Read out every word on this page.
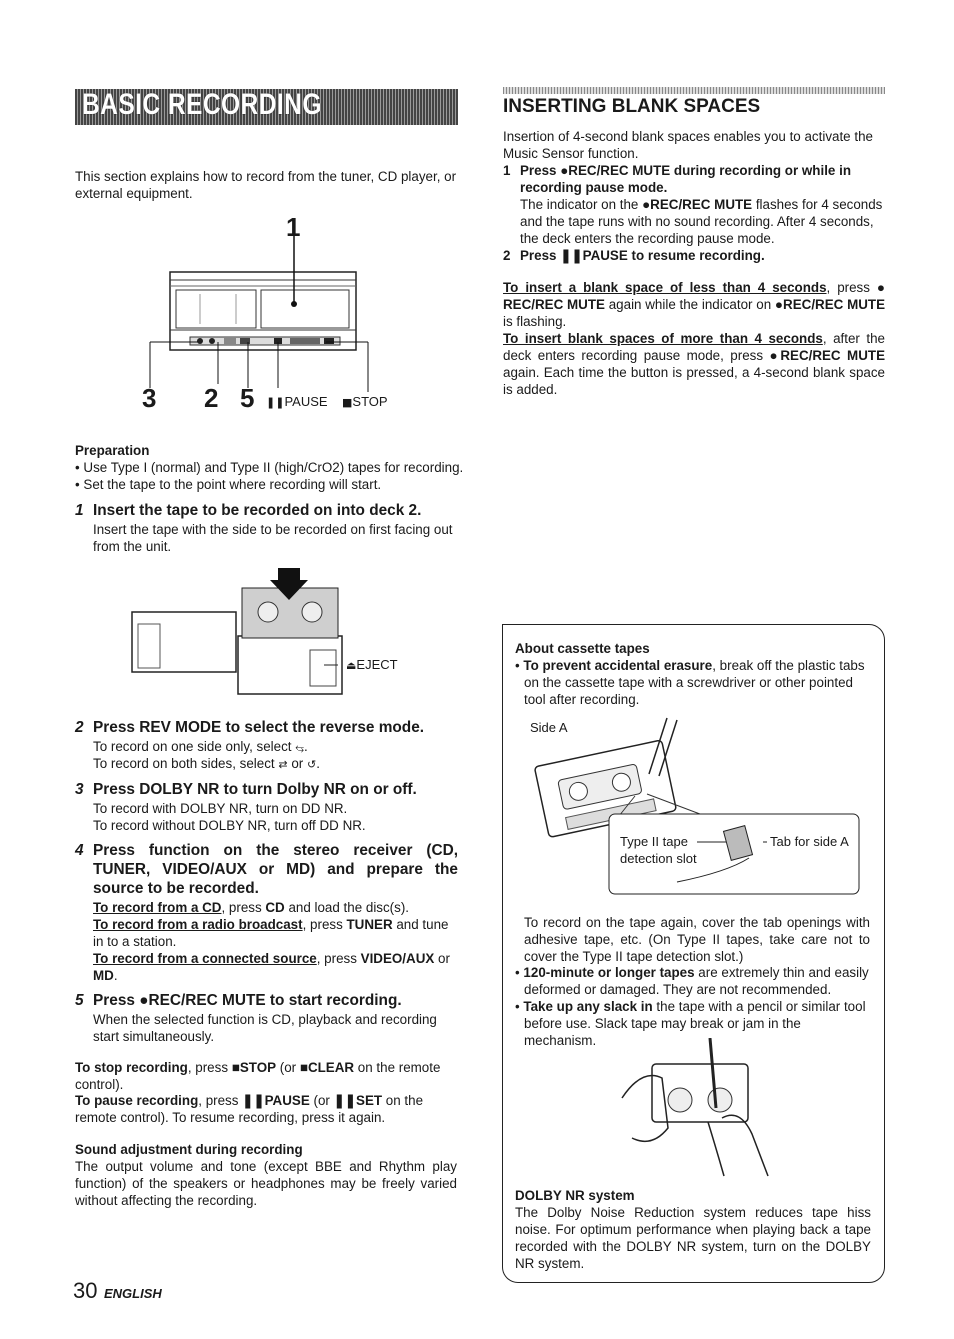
BASIC RECORDING

This section explains how to record from the tuner, CD player, or external equipment.

1
3 2 5 ❚❚PAUSE ■STOP

Preparation

• Use Type I (normal) and Type II (high/CrO2) tapes for recording.

• Set the tape to the point where recording will start.

1 Insert the tape to be recorded on into deck 2.

Insert the tape with the side to be recorded on first facing out from the unit.

⏏EJECT
2 Press REV MODE to select the reverse mode.

To record on one side only, select ⥃.

To record on both sides, select ⇄ or ↺.

3 Press DOLBY NR to turn Dolby NR on or off.

To record with DOLBY NR, turn on DD NR.

To record without DOLBY NR, turn off DD NR.

4 Press function on the stereo receiver (CD, TUNER, VIDEO/AUX or MD) and prepare the source to be recorded.

To record from a CD, press CD and load the disc(s).

To record from a radio broadcast, press TUNER and tune in to a station.

To record from a connected source, press VIDEO/AUX or MD.

5 Press ●REC/REC MUTE to start recording.

When the selected function is CD, playback and recording start simultaneously.

To stop recording, press ■STOP (or ■CLEAR on the remote control).

To pause recording, press ❚❚PAUSE (or ❚❚SET on the remote control). To resume recording, press it again.

Sound adjustment during recording

The output volume and tone (except BBE and Rhythm play function) of the speakers or headphones may be freely varied without affecting the recording.

30 ENGLISH
INSERTING BLANK SPACES

Insertion of 4-second blank spaces enables you to activate the Music Sensor function.

1 Press ●REC/REC MUTE during recording or while in recording pause mode.

The indicator on the ●REC/REC MUTE flashes for 4 seconds and the tape runs with no sound recording. After 4 seconds, the deck enters the recording pause mode.

2 Press ❚❚PAUSE to resume recording.

To insert a blank space of less than 4 seconds, press ● REC/REC MUTE again while the indicator on ●REC/REC MUTE is flashing.

To insert blank spaces of more than 4 seconds, after the deck enters recording pause mode, press ●REC/REC MUTE again. Each time the button is pressed, a 4-second blank space is added.

About cassette tapes

• To prevent accidental erasure, break off the plastic tabs on the cassette tape with a screwdriver or other pointed tool after recording.

Side A
Type II tape detection slot
Tab for side A

To record on the tape again, cover the tab openings with adhesive tape, etc. (On Type II tapes, take care not to cover the Type II tape detection slot.)

• 120-minute or longer tapes are extremely thin and easily deformed or damaged. They are not recommended.

• Take up any slack in the tape with a pencil or similar tool before use. Slack tape may break or jam in the mechanism.

DOLBY NR system

The Dolby Noise Reduction system reduces tape hiss noise. For optimum performance when playing back a tape recorded with the DOLBY NR system, turn on the DOLBY NR system.
